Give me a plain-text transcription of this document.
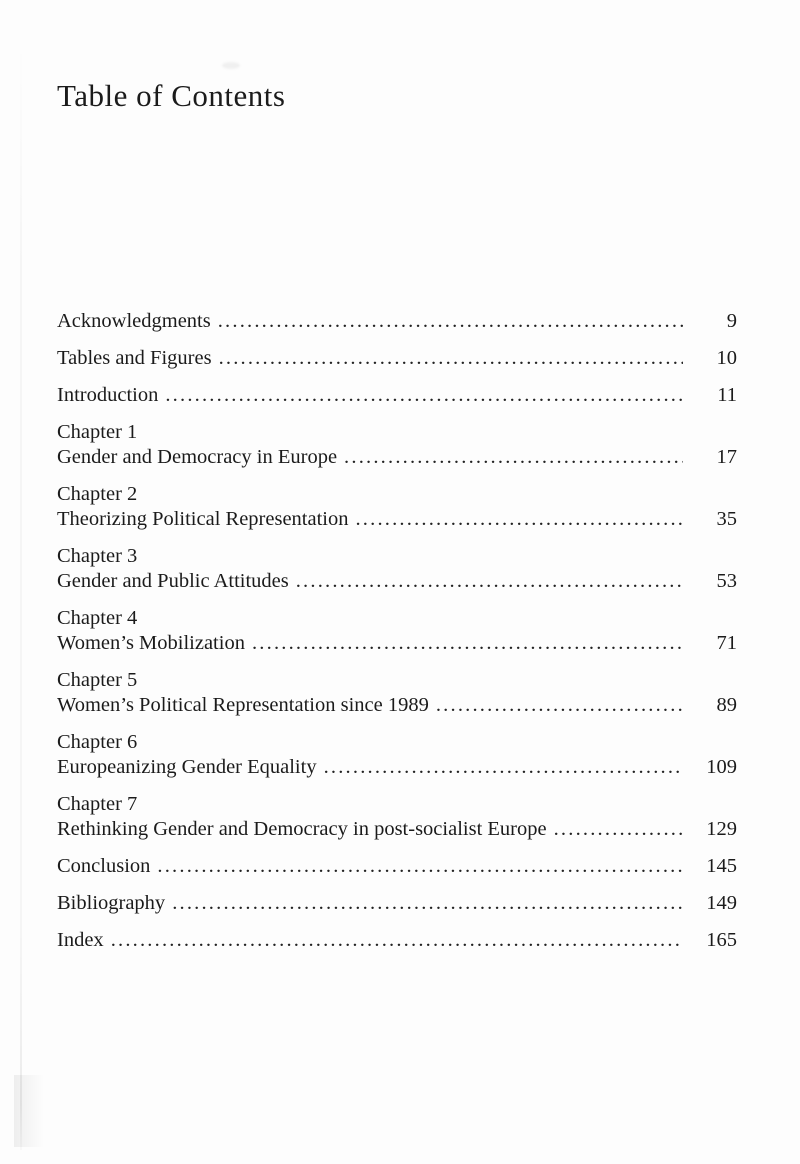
Table of Contents
Acknowledgments .....	9
Tables and Figures .....	10
Introduction .....	11
Chapter 1
Gender and Democracy in Europe .....	17
Chapter 2
Theorizing Political Representation .....	35
Chapter 3
Gender and Public Attitudes .....	53
Chapter 4
Women’s Mobilization .....	71
Chapter 5
Women’s Political Representation since 1989 .....	89
Chapter 6
Europeanizing Gender Equality .....	109
Chapter 7
Rethinking Gender and Democracy in post-socialist Europe .....	129
Conclusion .....	145
Bibliography .....	149
Index .....	165
